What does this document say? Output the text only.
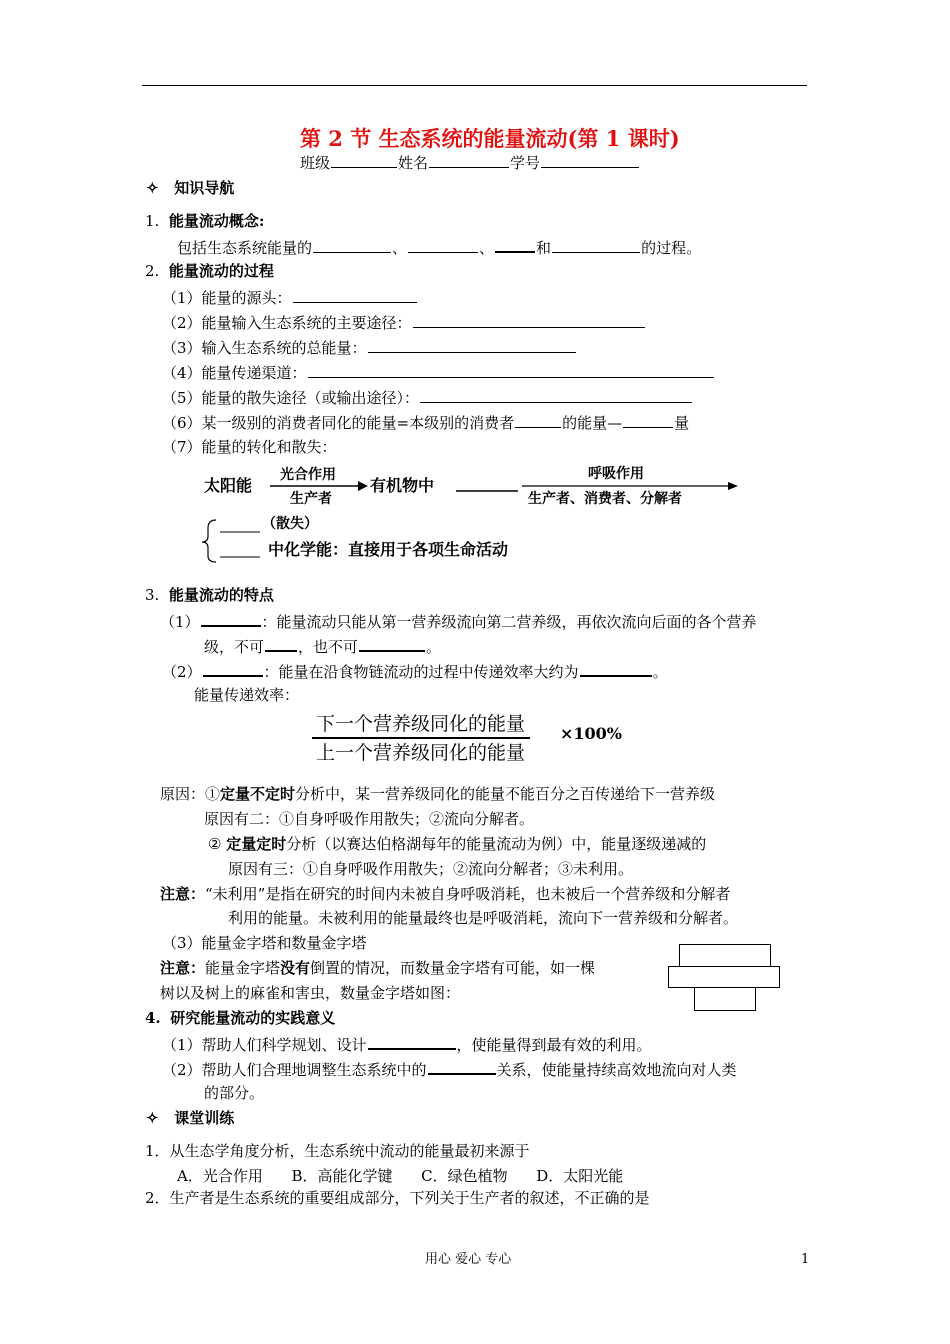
第 2 节 生态系统的能量流动(第 1 课时)
班级	姓名	学号
✧ 知识导航
1. 能量流动概念:
包括生态系统能量的	、	、	和	的过程。
2. 能量流动的过程
（1）能量的源头：
（2）能量输入生态系统的主要途径：
（3）输入生态系统的总能量：
（4）能量传递渠道：
（5）能量的散失途径（或输出途径）：
（6）某一级别的消费者同化的能量=本级别的消费者	的能量—	量
（7）能量的转化和散失：
太阳能
光合作用
生产者
有机物中
呼吸作用
生产者、消费者、分解者
（散失）
中化学能：直接用于各项生命活动
3. 能量流动的特点
（1）	：能量流动只能从第一营养级流向第二营养级，再依次流向后面的各个营养
级，不可 ，也不可	。
（2）	：能量在沿食物链流动的过程中传递效率大约为	。
能量传递效率：
下一个营养级同化的能量
上一个营养级同化的能量
×100%
原因：①定量不定时分析中，某一营养级同化的能量不能百分之百传递给下一营养级
原因有二：①自身呼吸作用散失；②流向分解者。
② 定量定时分析（以赛达伯格湖每年的能量流动为例）中，能量逐级递减的
原因有三：①自身呼吸作用散失；②流向分解者；③未利用。
注意：“未利用”是指在研究的时间内未被自身呼吸消耗，也未被后一个营养级和分解者
利用的能量。未被利用的能量最终也是呼吸消耗，流向下一营养级和分解者。
（3）能量金字塔和数量金字塔
注意：能量金字塔没有倒置的情况，而数量金字塔有可能，如一棵
树以及树上的麻雀和害虫，数量金字塔如图：
4. 研究能量流动的实践意义
（1）帮助人们科学规划、设计	，使能量得到最有效的利用。
（2）帮助人们合理地调整生态系统中的	关系，使能量持续高效地流向对人类
的部分。
✧ 课堂训练
1．从生态学角度分析，生态系统中流动的能量最初来源于
A．光合作用 B．高能化学键 C．绿色植物 D．太阳光能
2．生产者是生态系统的重要组成部分，下列关于生产者的叙述，不正确的是
用心 爱心 专心	1
